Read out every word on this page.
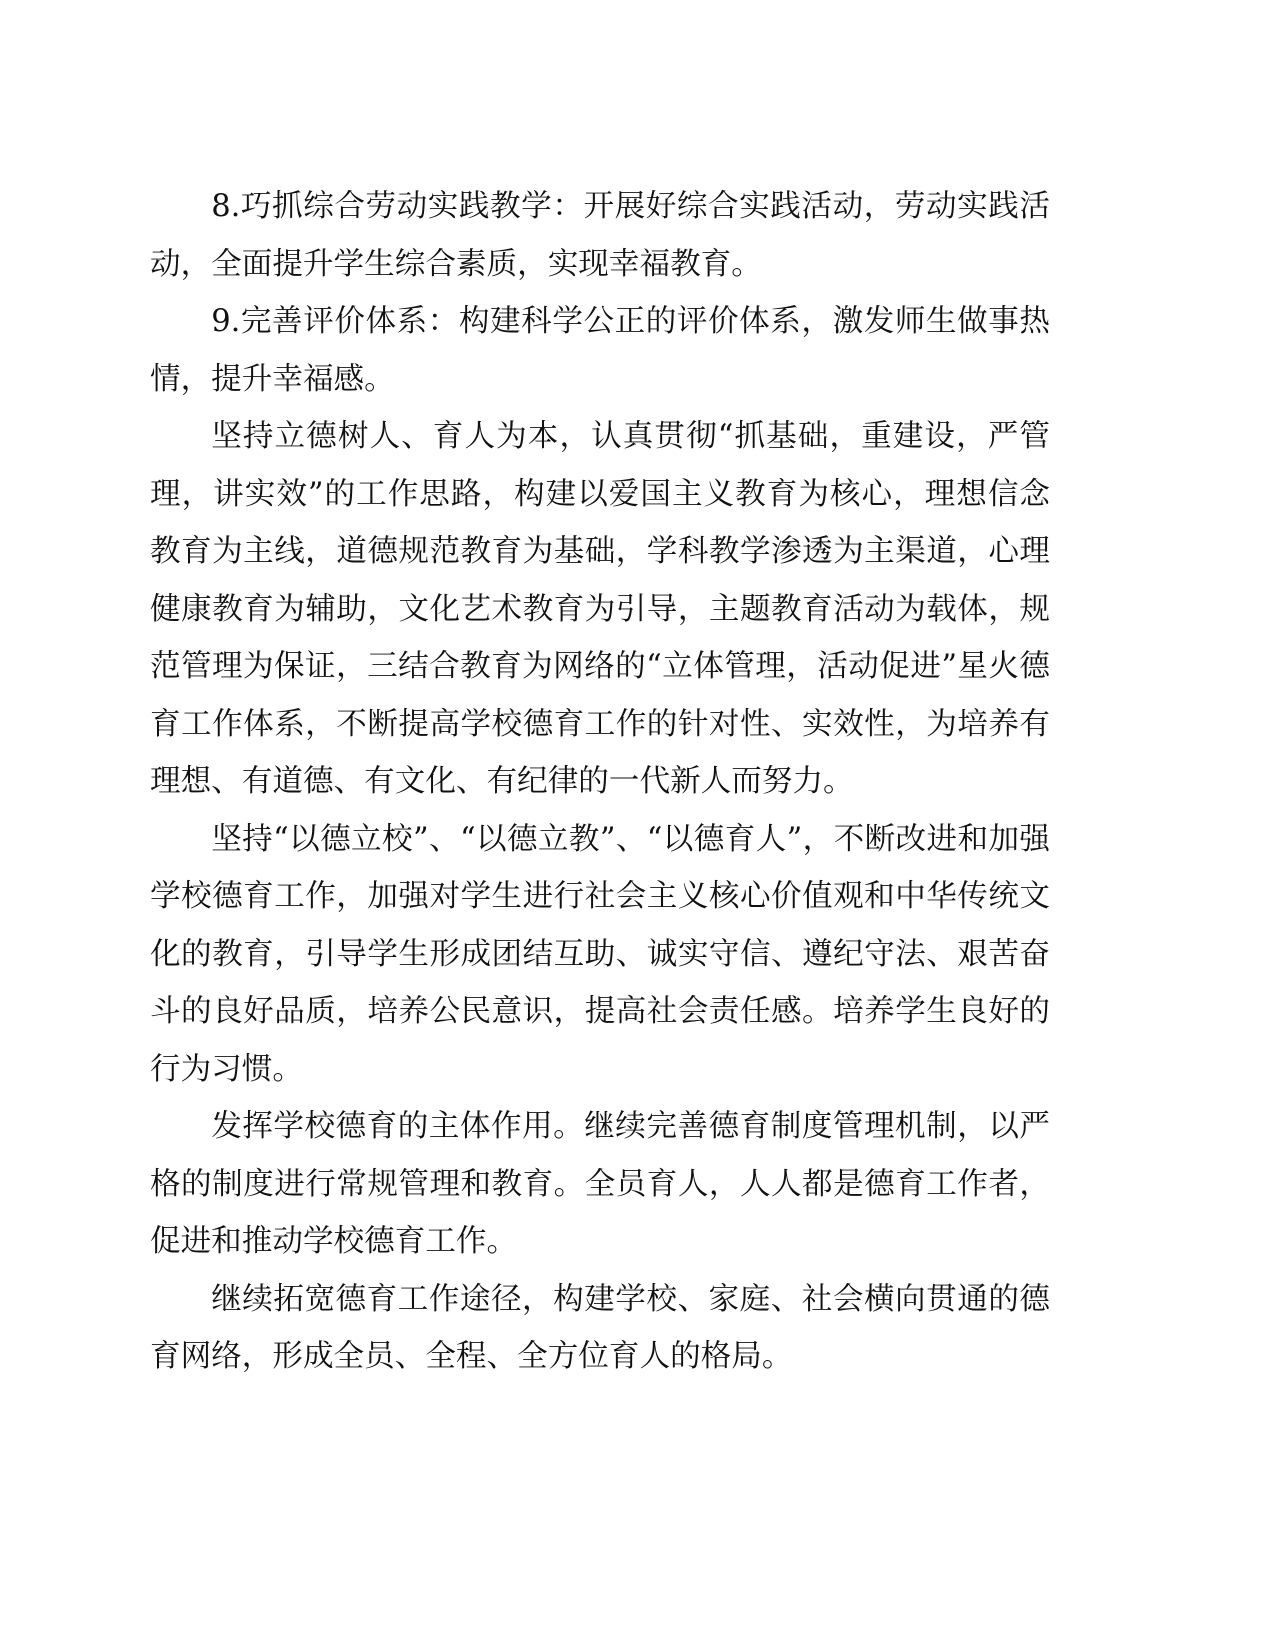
8.巧抓综合劳动实践教学：开展好综合实践活动，劳动实践活动，全面提升学生综合素质，实现幸福教育。

9.完善评价体系：构建科学公正的评价体系，激发师生做事热情，提升幸福感。

坚持立德树人、育人为本，认真贯彻“抓基础，重建设，严管理，讲实效”的工作思路，构建以爱国主义教育为核心，理想信念教育为主线，道德规范教育为基础，学科教学渗透为主渠道，心理健康教育为辅助，文化艺术教育为引导，主题教育活动为载体，规范管理为保证，三结合教育为网络的“立体管理，活动促进”星火德育工作体系，不断提高学校德育工作的针对性、实效性，为培养有理想、有道德、有文化、有纪律的一代新人而努力。

坚持“以德立校”、“以德立教”、“以德育人”，不断改进和加强学校德育工作，加强对学生进行社会主义核心价值观和中华传统文化的教育，引导学生形成团结互助、诚实守信、遵纪守法、艰苦奋斗的良好品质，培养公民意识，提高社会责任感。培养学生良好的行为习惯。

发挥学校德育的主体作用。继续完善德育制度管理机制，以严格的制度进行常规管理和教育。全员育人，人人都是德育工作者，促进和推动学校德育工作。

继续拓宽德育工作途径，构建学校、家庭、社会横向贯通的德育网络，形成全员、全程、全方位育人的格局。
